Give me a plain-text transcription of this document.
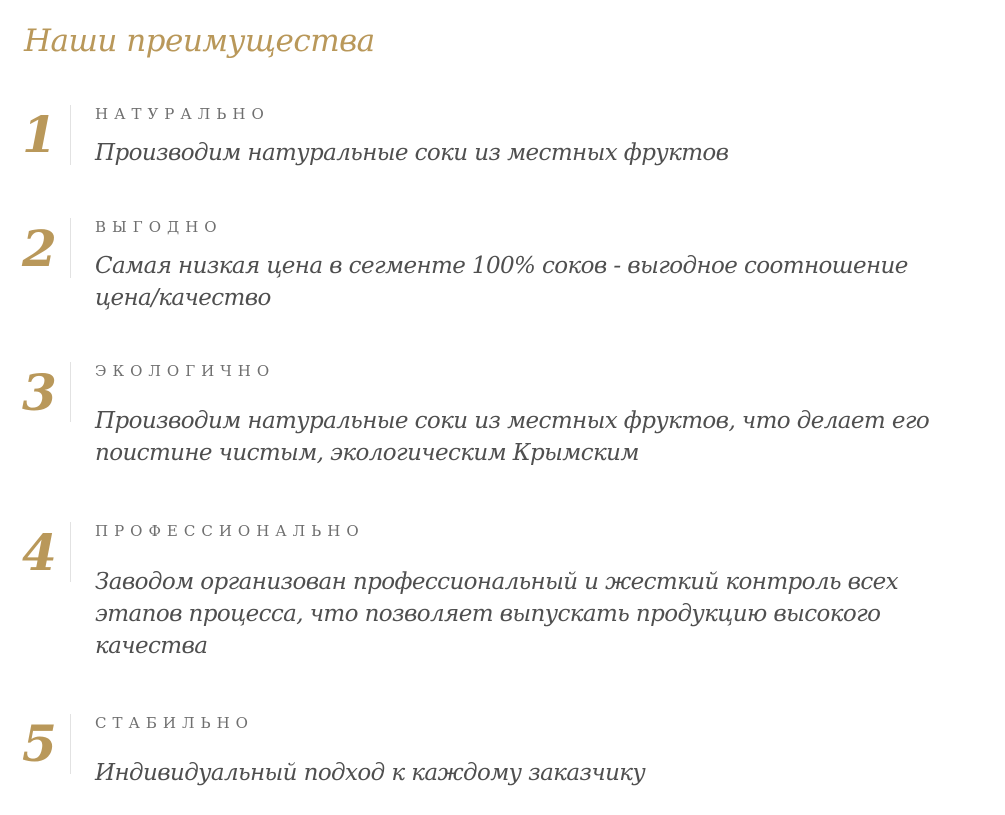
Наши преимущества
1	НАТУРАЛЬНО

Производим натуральные соки из местных фруктов

2	ВЫГОДНО

Самая низкая цена в сегменте 100% соков - выгодное соотношение цена/качество

3	ЭКОЛОГИЧНО

Производим натуральные соки из местных фруктов, что делает его поистине чистым, экологическим Крымским

4	ПРОФЕССИОНАЛЬНО

Заводом организован профессиональный и жесткий контроль всех этапов процесса, что позволяет выпускать продукцию высокого качества

5	СТАБИЛЬНО

Индивидуальный подход к каждому заказчику
